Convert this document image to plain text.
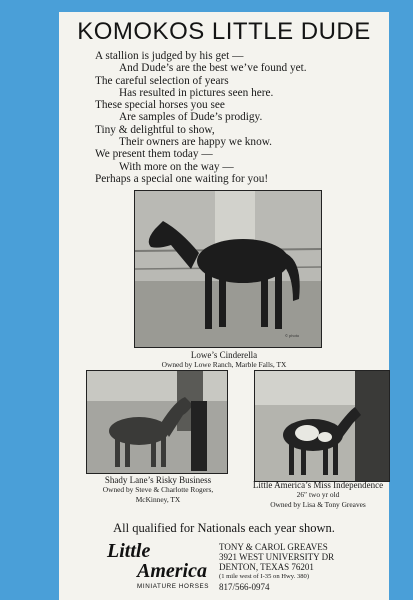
KOMOKOS LITTLE DUDE
A stallion is judged by his get —
And Dude’s are the best we’ve found yet.
The careful selection of years
Has resulted in pictures seen here.
These special horses you see
Are samples of Dude’s prodigy.
Tiny & delightful to show,
Their owners are happy we know.
We present them today —
With more on the way —
Perhaps a special one waiting for you!
© photo
Lowe’s Cinderella
Owned by Lowe Ranch, Marble Falls, TX
Shady Lane’s Risky Business
Owned by Steve & Charlotte Rogers,
McKinney, TX
Little America’s Miss Independence
26″ two yr old
Owned by Lisa & Tony Greaves
All qualified for Nationals each year shown.
Little
America
MINIATURE HORSES
TONY & CAROL GREAVES
3921 WEST UNIVERSITY DR
DENTON, TEXAS 76201
(1 mile west of I-35 on Hwy. 380)
817/566-0974
